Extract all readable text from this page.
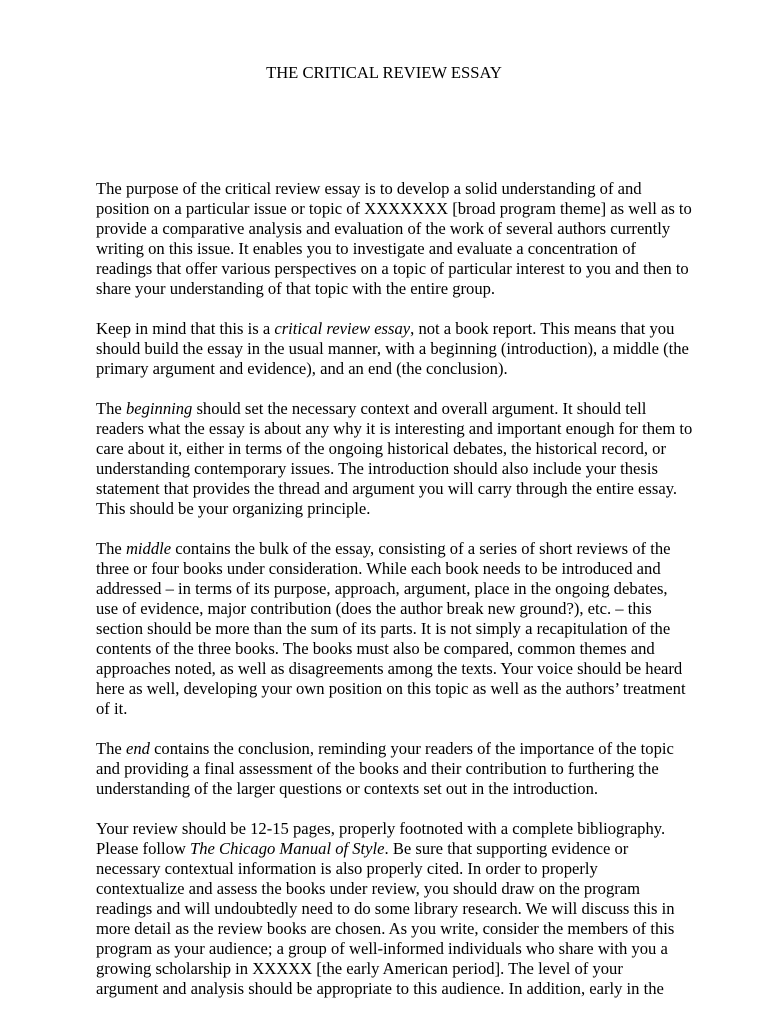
THE CRITICAL REVIEW ESSAY
The purpose of the critical review essay is to develop a solid understanding of and
position on a particular issue or topic of XXXXXXX [broad program theme] as well as to
provide a comparative analysis and evaluation of the work of several authors currently
writing on this issue. It enables you to investigate and evaluate a concentration of
readings that offer various perspectives on a topic of particular interest to you and then to
share your understanding of that topic with the entire group.
Keep in mind that this is a critical review essay, not a book report. This means that you
should build the essay in the usual manner, with a beginning (introduction), a middle (the
primary argument and evidence), and an end (the conclusion).
The beginning should set the necessary context and overall argument. It should tell
readers what the essay is about any why it is interesting and important enough for them to
care about it, either in terms of the ongoing historical debates, the historical record, or
understanding contemporary issues. The introduction should also include your thesis
statement that provides the thread and argument you will carry through the entire essay.
This should be your organizing principle.
The middle contains the bulk of the essay, consisting of a series of short reviews of the
three or four books under consideration. While each book needs to be introduced and
addressed – in terms of its purpose, approach, argument, place in the ongoing debates,
use of evidence, major contribution (does the author break new ground?), etc. – this
section should be more than the sum of its parts. It is not simply a recapitulation of the
contents of the three books. The books must also be compared, common themes and
approaches noted, as well as disagreements among the texts. Your voice should be heard
here as well, developing your own position on this topic as well as the authors’ treatment
of it.
The end contains the conclusion, reminding your readers of the importance of the topic
and providing a final assessment of the books and their contribution to furthering the
understanding of the larger questions or contexts set out in the introduction.
Your review should be 12-15 pages, properly footnoted with a complete bibliography.
Please follow The Chicago Manual of Style. Be sure that supporting evidence or
necessary contextual information is also properly cited. In order to properly
contextualize and assess the books under review, you should draw on the program
readings and will undoubtedly need to do some library research. We will discuss this in
more detail as the review books are chosen. As you write, consider the members of this
program as your audience; a group of well-informed individuals who share with you a
growing scholarship in XXXXX [the early American period]. The level of your
argument and analysis should be appropriate to this audience. In addition, early in the
